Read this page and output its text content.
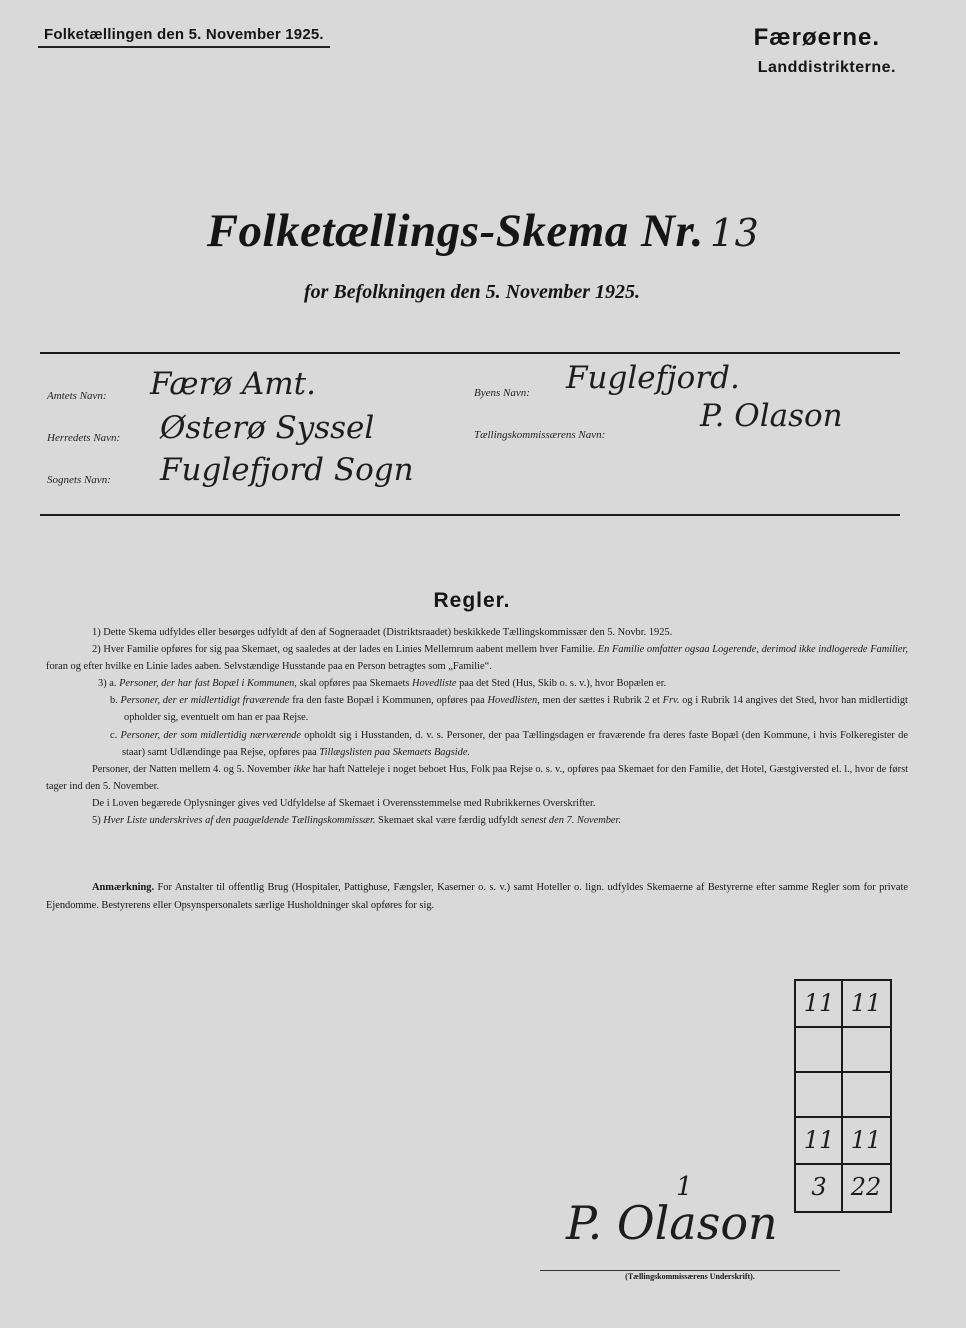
Folketællingen den 5. November 1925.	Færøerne.
Landdistrikterne.
Folketællings-Skema Nr. 13
for Befolkningen den 5. November 1925.
Amtets Navn: Færø Amt.
Herredets Navn: Østerø Syssel
Sognets Navn: Fuglefjord Sogn
Byens Navn: Fuglefjord.
Tællingskommissærens Navn:
P. Olason
Regler.

1) Dette Skema udfyldes eller besørges udfyldt af den af Sogneraadet (Distriktsraadet) beskikkede Tællingskommissær den 5. Novbr. 1925.

2) Hver Familie opføres for sig paa Skemaet, og saaledes at der lades en Linies Mellemrum aabent mellem hver Familie. En Familie omfatter ogsaa Logerende, derimod ikke indlogerede Familier, foran og efter hvilke en Linie lades aaben. Selvstændige Husstande paa en Person betragtes som „Familie“.

3) a. Personer, der har fast Bopæl i Kommunen, skal opføres paa Skemaets Hovedliste paa det Sted (Hus, Skib o. s. v.), hvor Bopælen er.

b. Personer, der er midlertidigt fraværende fra den faste Bopæl i Kommunen, opføres paa Hovedlisten, men der sættes i Rubrik 2 et Frv. og i Rubrik 14 angives det Sted, hvor han midlertidigt opholder sig, eventuelt om han er paa Rejse.

c. Personer, der som midlertidig nærværende opholdt sig i Husstanden, d. v. s. Personer, der paa Tællingsdagen er fraværende fra deres faste Bopæl (den Kommune, i hvis Folkeregister de staar) samt Udlændinge paa Rejse, opføres paa Tillægslisten paa Skemaets Bagside.

Personer, der Natten mellem 4. og 5. November ikke har haft Natteleje i noget beboet Hus, Folk paa Rejse o. s. v., opføres paa Skemaet for den Familie, det Hotel, Gæstgiversted el. l., hvor de først tager ind den 5. November.

De i Loven begærede Oplysninger gives ved Udfyldelse af Skemaet i Overensstemmelse med Rubrikkernes Overskrifter.

5) Hver Liste underskrives af den paagældende Tællingskommissær. Skemaet skal være færdig udfyldt senest den 7. November.

Anmærkning. For Anstalter til offentlig Brug (Hospitaler, Pattighuse, Fængsler, Kaserner o. s. v.) samt Hoteller o. lign. udfyldes Skemaerne af Bestyrerne efter samme Regler som for private Ejendomme. Bestyrerens eller Opsynspersonalets særlige Husholdninger skal opføres for sig.
11 11
11 11
3	22
1
P. Olason
(Tællingskommissærens Underskrift).
